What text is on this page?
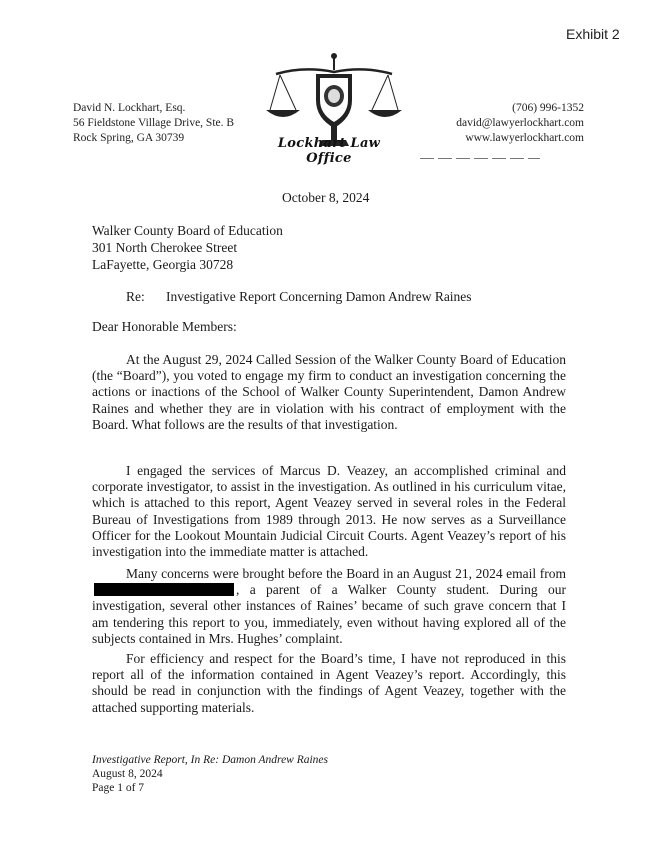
Exhibit 2
David N. Lockhart, Esq.
56 Fieldstone Village Drive, Ste. B
Rock Spring, GA 30739	Lockhart Law Office
(706) 996-1352
david@lawyerlockhart.com
www.lawyerlockhart.com
October 8, 2024
Walker County Board of Education
301 North Cherokee Street
LaFayette, Georgia 30728
Re: Investigative Report Concerning Damon Andrew Raines
Dear Honorable Members:
At the August 29, 2024 Called Session of the Walker County Board of Education (the “Board”), you voted to engage my firm to conduct an investigation concerning the actions or inactions of the School of Walker County Superintendent, Damon Andrew Raines and whether they are in violation with his contract of employment with the Board. What follows are the results of that investigation.
I engaged the services of Marcus D. Veazey, an accomplished criminal and corporate investigator, to assist in the investigation. As outlined in his curriculum vitae, which is attached to this report, Agent Veazey served in several roles in the Federal Bureau of Investigations from 1989 through 2013. He now serves as a Surveillance Officer for the Lookout Mountain Judicial Circuit Courts. Agent Veazey’s report of his investigation into the immediate matter is attached.
Many concerns were brought before the Board in an August 21, 2024 email from, a parent of a Walker County student. During our investigation, several other instances of Raines’ became of such grave concern that I am tendering this report to you, immediately, even without having explored all of the subjects contained in Mrs. Hughes’ complaint.
For efficiency and respect for the Board’s time, I have not reproduced in this report all of the information contained in Agent Veazey’s report. Accordingly, this should be read in conjunction with the findings of Agent Veazey, together with the attached supporting materials.
Investigative Report, In Re: Damon Andrew Raines
August 8, 2024
Page 1 of 7
